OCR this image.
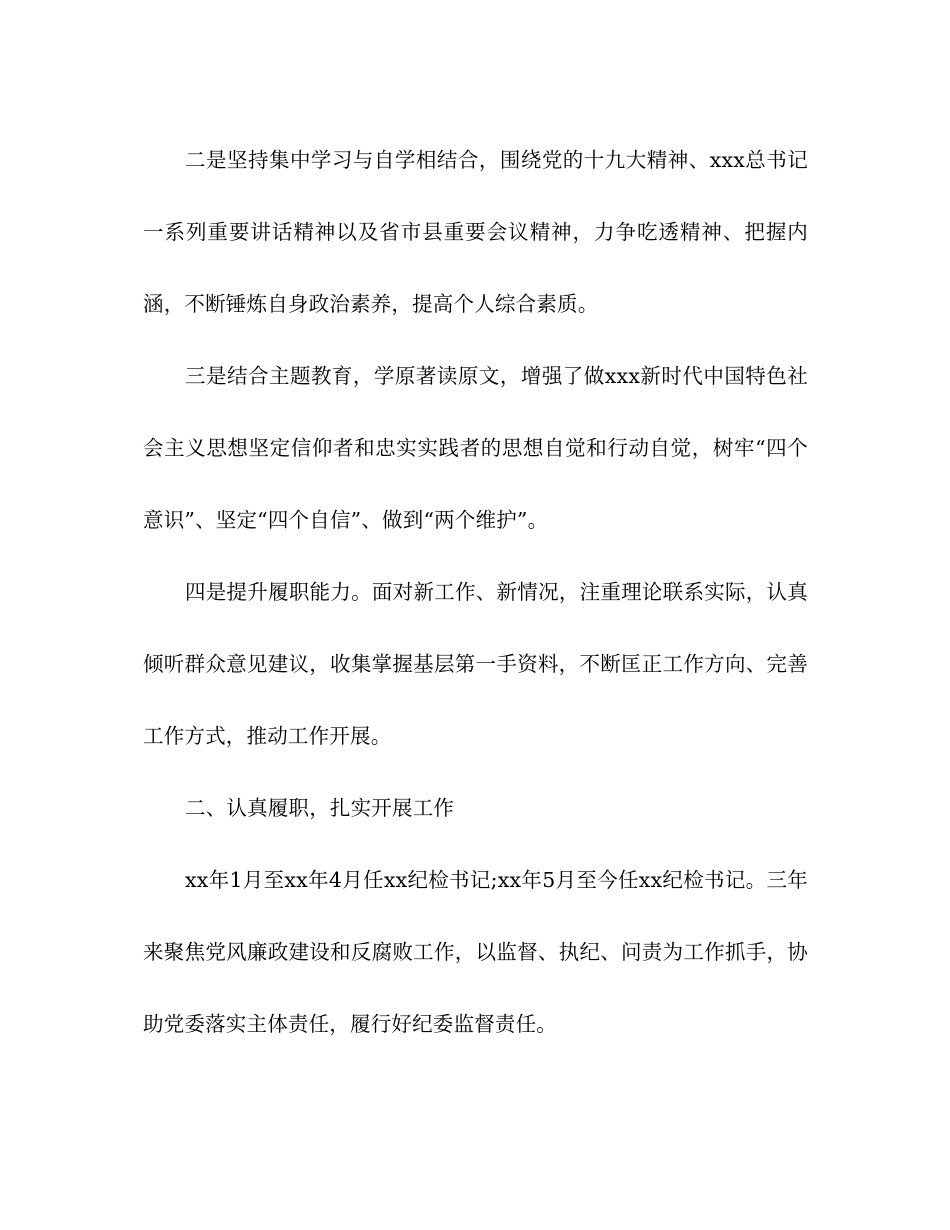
二是坚持集中学习与自学相结合，围绕党的十九大精神、xxx总书记一系列重要讲话精神以及省市县重要会议精神，力争吃透精神、把握内涵，不断锤炼自身政治素养，提高个人综合素质。

三是结合主题教育，学原著读原文，增强了做xxx新时代中国特色社会主义思想坚定信仰者和忠实实践者的思想自觉和行动自觉，树牢“四个意识”、坚定“四个自信”、做到“两个维护”。

四是提升履职能力。面对新工作、新情况，注重理论联系实际，认真倾听群众意见建议，收集掌握基层第一手资料，不断匡正工作方向、完善工作方式，推动工作开展。

二、认真履职，扎实开展工作

xx年1月至xx年4月任xx纪检书记;xx年5月至今任xx纪检书记。三年来聚焦党风廉政建设和反腐败工作，以监督、执纪、问责为工作抓手，协助党委落实主体责任，履行好纪委监督责任。
